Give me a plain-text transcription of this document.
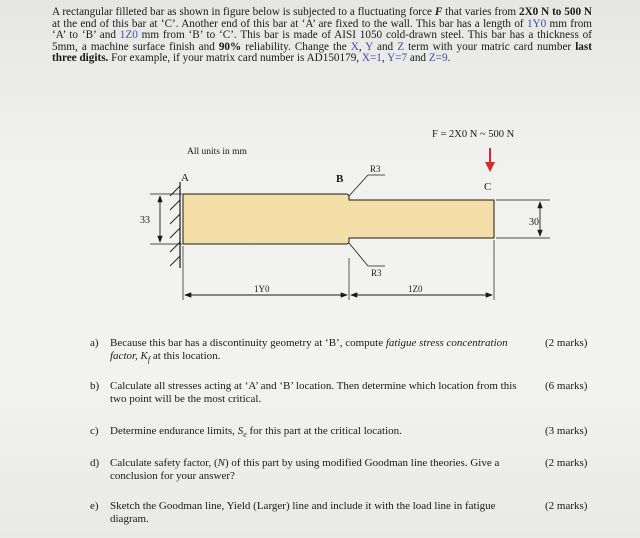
A rectangular filleted bar as shown in figure below is subjected to a fluctuating force F that varies from 2X0 N to 500 N at the end of this bar at ‘C’. Another end of this bar at ‘A’ are fixed to the wall. This bar has a length of 1Y0 mm from ‘A’ to ‘B’ and 1Z0 mm from ‘B’ to ‘C’. This bar is made of AISI 1050 cold-drawn steel. This bar has a thickness of 5mm, a machine surface finish and 90% reliability. Change the X, Y and Z term with your matric card number last three digits. For example, if your matrix card number is AD150179, X=1, Y=7 and Z=9.
All units in mm
33	30
A	B
C
R3
R3
F = 2X0 N ~ 500 N
1Y0	1Z0
a) Because this bar has a discontinuity geometry at ‘B’, compute fatigue stress concentration factor, $K_f$ at this location.
(2 marks)
b) Calculate all stresses acting at ‘A’ and ‘B’ location. Then determine which location from this two point will be the most critical.
(6 marks)
c) Determine endurance limits, $S_e$ for this part at the critical location.	(3 marks)
d) Calculate safety factor, (N) of this part by using modified Goodman line theories. Give a conclusion for your answer?
(2 marks)
e) Sketch the Goodman line, Yield (Larger) line and include it with the load line in fatigue diagram.
(2 marks)
